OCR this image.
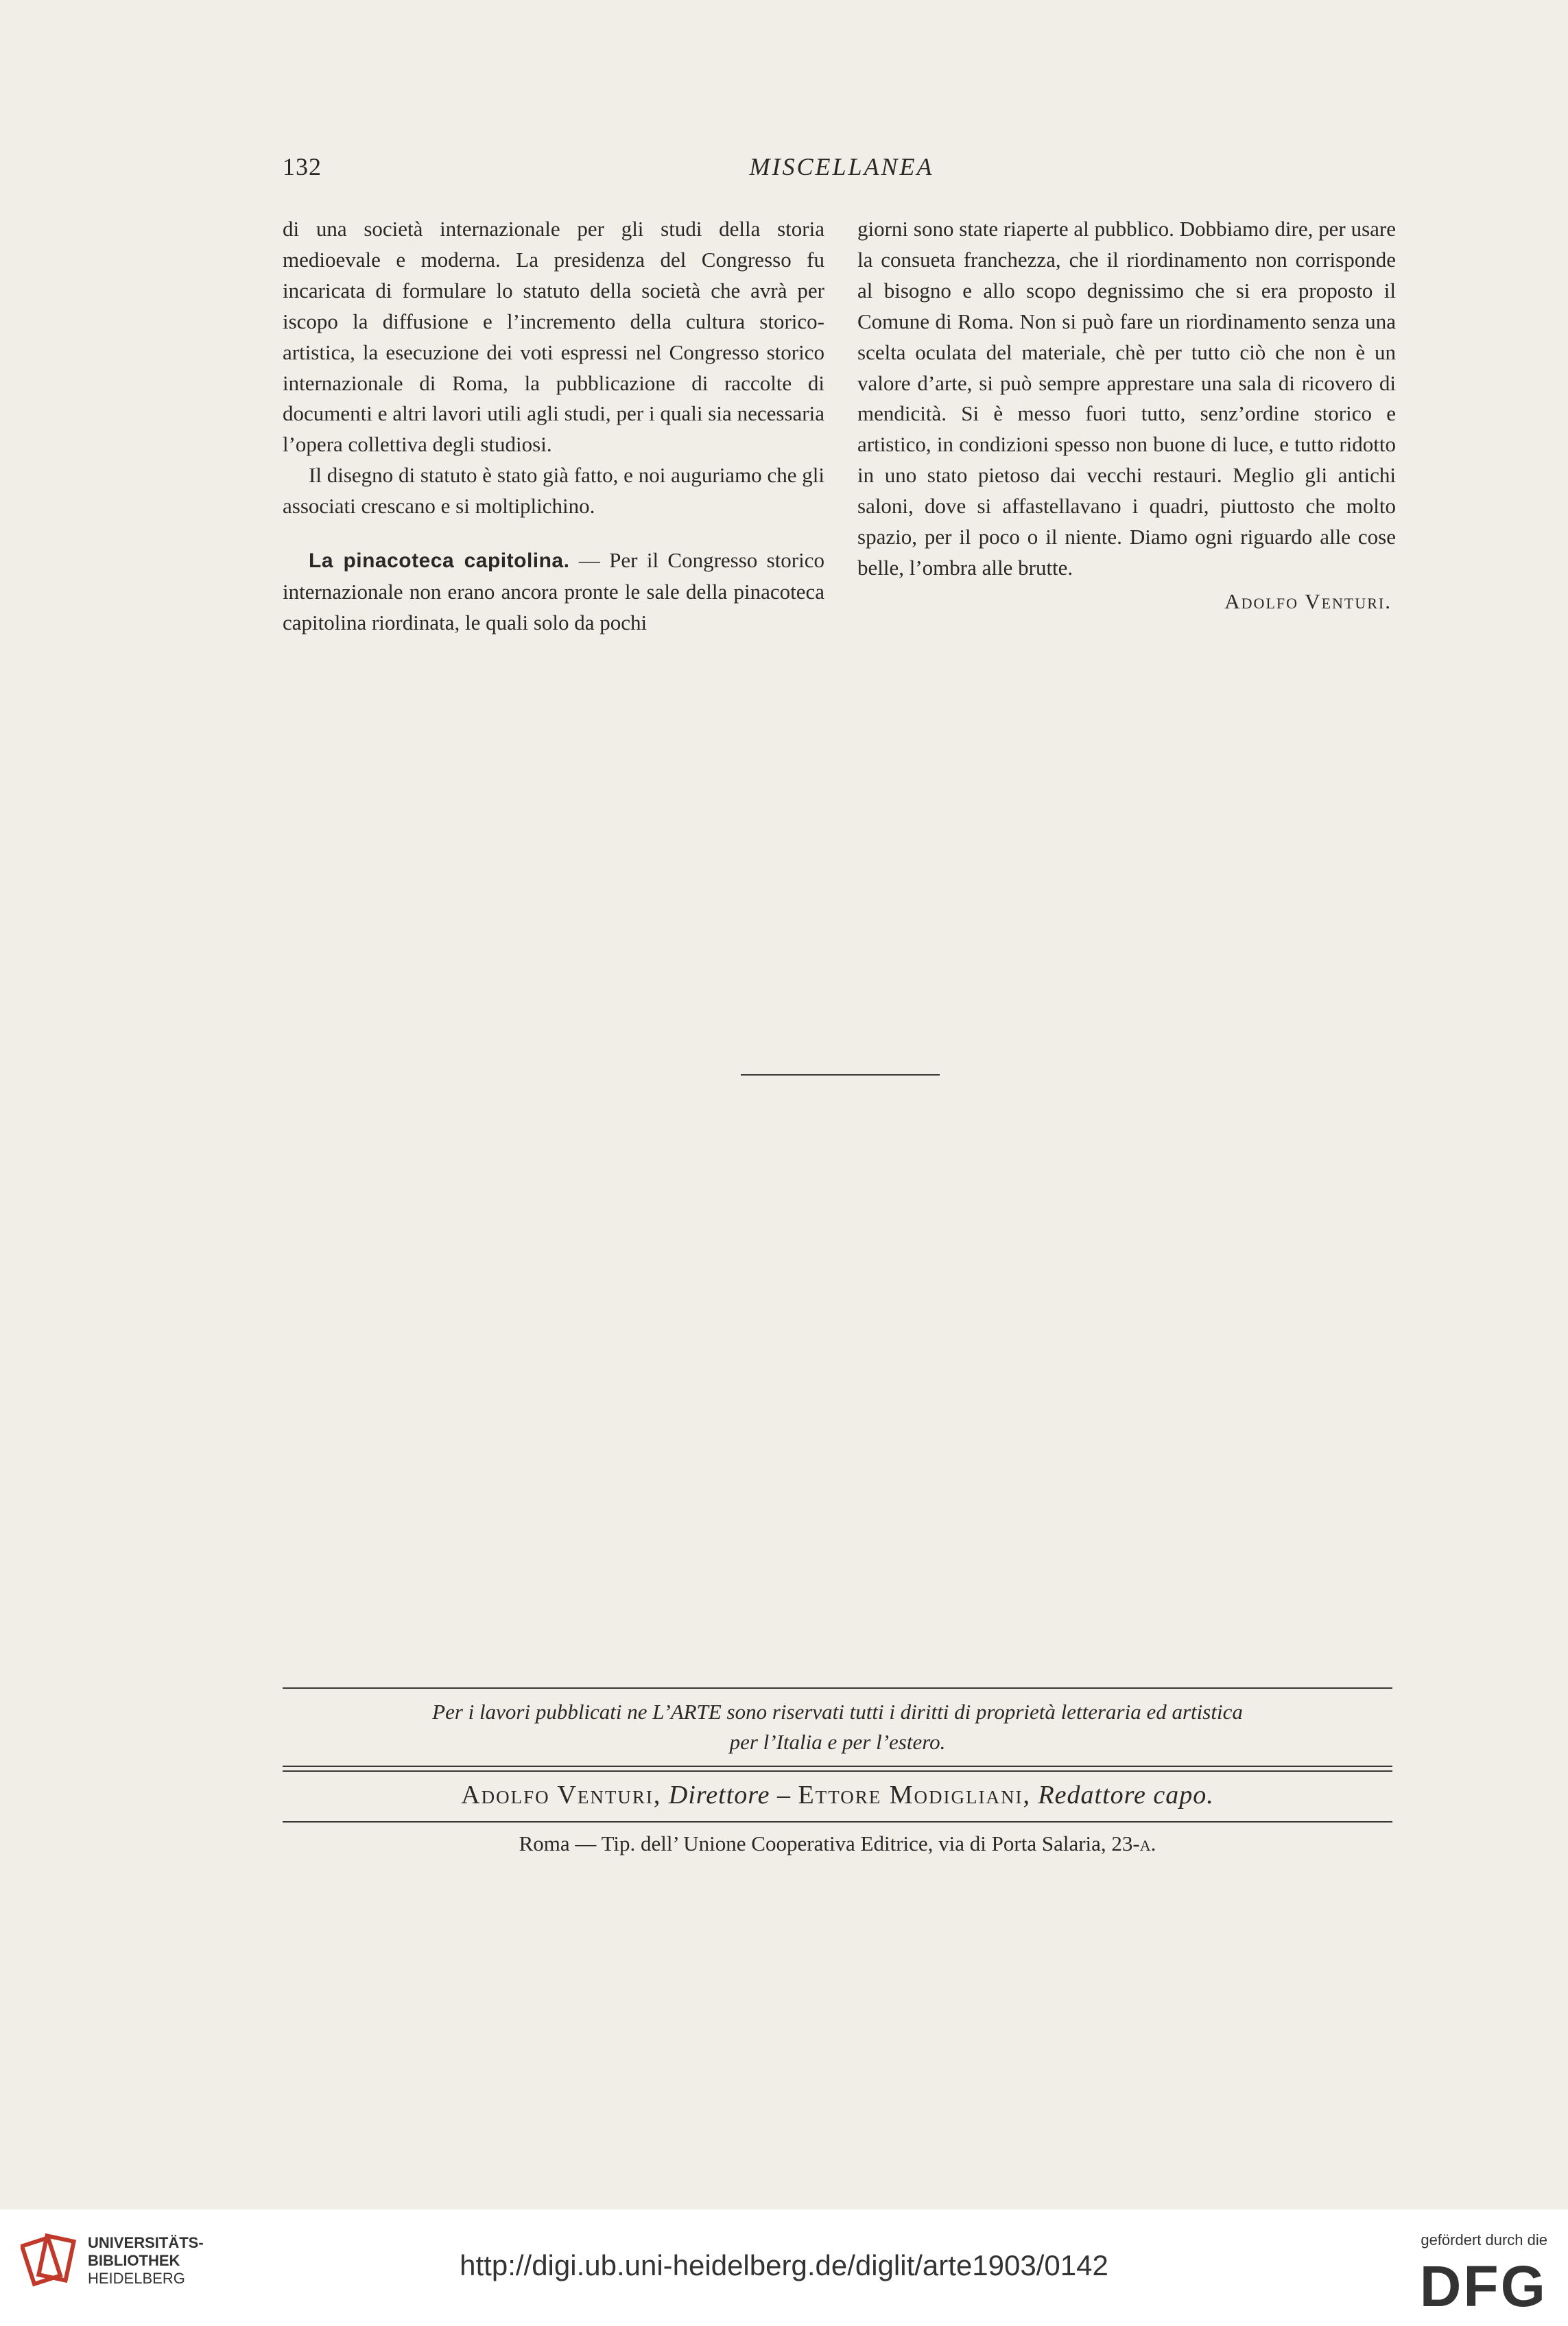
132	MISCELLANEA

di una società internazionale per gli studi della storia medioevale e moderna. La presidenza del Congresso fu incaricata di formulare lo statuto della società che avrà per iscopo la diffusione e l’incremento della cultura storico-artistica, la esecuzione dei voti espressi nel Congresso storico internazionale di Roma, la pubblicazione di raccolte di documenti e altri lavori utili agli studi, per i quali sia necessaria l’opera collettiva degli studiosi.

Il disegno di statuto è stato già fatto, e noi auguriamo che gli associati crescano e si moltiplichino.

La pinacoteca capitolina. — Per il Congresso storico internazionale non erano ancora pronte le sale della pinacoteca capitolina riordinata, le quali solo da pochi

giorni sono state riaperte al pubblico. Dobbiamo dire, per usare la consueta franchezza, che il riordinamento non corrisponde al bisogno e allo scopo degnissimo che si era proposto il Comune di Roma. Non si può fare un riordinamento senza una scelta oculata del materiale, chè per tutto ciò che non è un valore d’arte, si può sempre apprestare una sala di ricovero di mendicità. Si è messo fuori tutto, senz’ordine storico e artistico, in condizioni spesso non buone di luce, e tutto ridotto in uno stato pietoso dai vecchi restauri. Meglio gli antichi saloni, dove si affastellavano i quadri, piuttosto che molto spazio, per il poco o il niente. Diamo ogni riguardo alle cose belle, l’ombra alle brutte.

Adolfo Venturi.

Per i lavori pubblicati ne L’ARTE sono riservati tutti i diritti di proprietà letteraria ed artistica
per l’Italia e per l’estero.
Adolfo Venturi, Direttore – Ettore Modigliani, Redattore capo.
Roma — Tip. dell’ Unione Cooperativa Editrice, via di Porta Salaria, 23-a.
UNIVERSITÄTS-
BIBLIOTHEK
HEIDELBERG	http://digi.ub.uni-heidelberg.de/diglit/arte1903/0142
gefördert durch die
DFG
